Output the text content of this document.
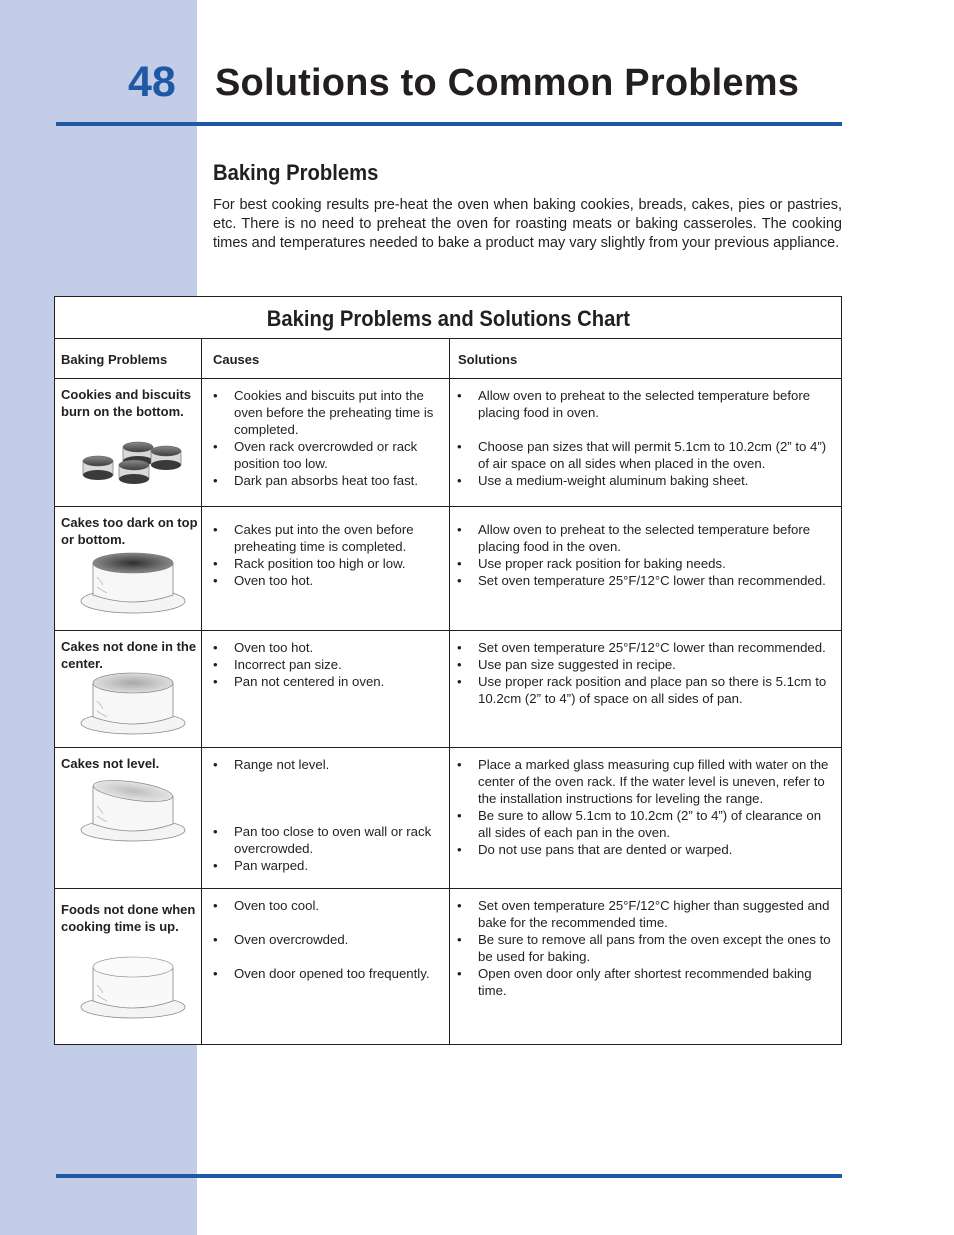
48 Solutions to Common Problems
Baking Problems
For best cooking results pre-heat the oven when baking cookies, breads, cakes, pies or pastries, etc. There is no need to preheat the oven for roasting meats or baking casseroles. The cooking times and temperatures needed to bake a product may vary slightly from your previous appliance.
Baking Problems and Solutions Chart
Baking Problems	Causes	Solutions
Cookies and biscuits burn on the bottom.
• Cookies and biscuits put into the oven before the preheating time is completed.
• Oven rack overcrowded or rack position too low.
• Dark pan absorbs heat too fast.
• Allow oven to preheat to the selected temperature before placing food in oven.
• Choose pan sizes that will permit 5.1cm to 10.2cm (2” to 4”) of air space on all sides when placed in the oven.
• Use a medium-weight aluminum baking sheet.
Cakes too dark on top or bottom.
• Cakes put into the oven before preheating time is completed.
• Rack position too high or low.
• Oven too hot.
• Allow oven to preheat to the selected temperature before placing food in the oven.
• Use proper rack position for baking needs.
• Set oven temperature 25°F/12°C lower than recommended.
Cakes not done in the center.
• Oven too hot.
• Incorrect pan size.
• Pan not centered in oven.
• Set oven temperature 25°F/12°C lower than recommended.
• Use pan size suggested in recipe.
• Use proper rack position and place pan so there is 5.1cm to 10.2cm (2” to 4”) of space on all sides of pan.
Cakes not level.
•	Range not level.
• Pan too close to oven wall or rack overcrowded.
• Pan warped.
• Place a marked glass measuring cup filled with water on the center of the oven rack. If the water level is uneven, refer to the installation instructions for leveling the range.
• Be sure to allow 5.1cm to 10.2cm (2” to 4”) of clearance on all sides of each pan in the oven.
• Do not use pans that are dented or warped.
Foods not done when cooking time is up.
• Oven too cool.
• Oven overcrowded.
• Oven door opened too frequently.
• Set oven temperature 25°F/12°C higher than suggested and bake for the recommended time.
• Be sure to remove all pans from the oven except the ones to be used for baking.
• Open oven door only after shortest recommended baking time.
